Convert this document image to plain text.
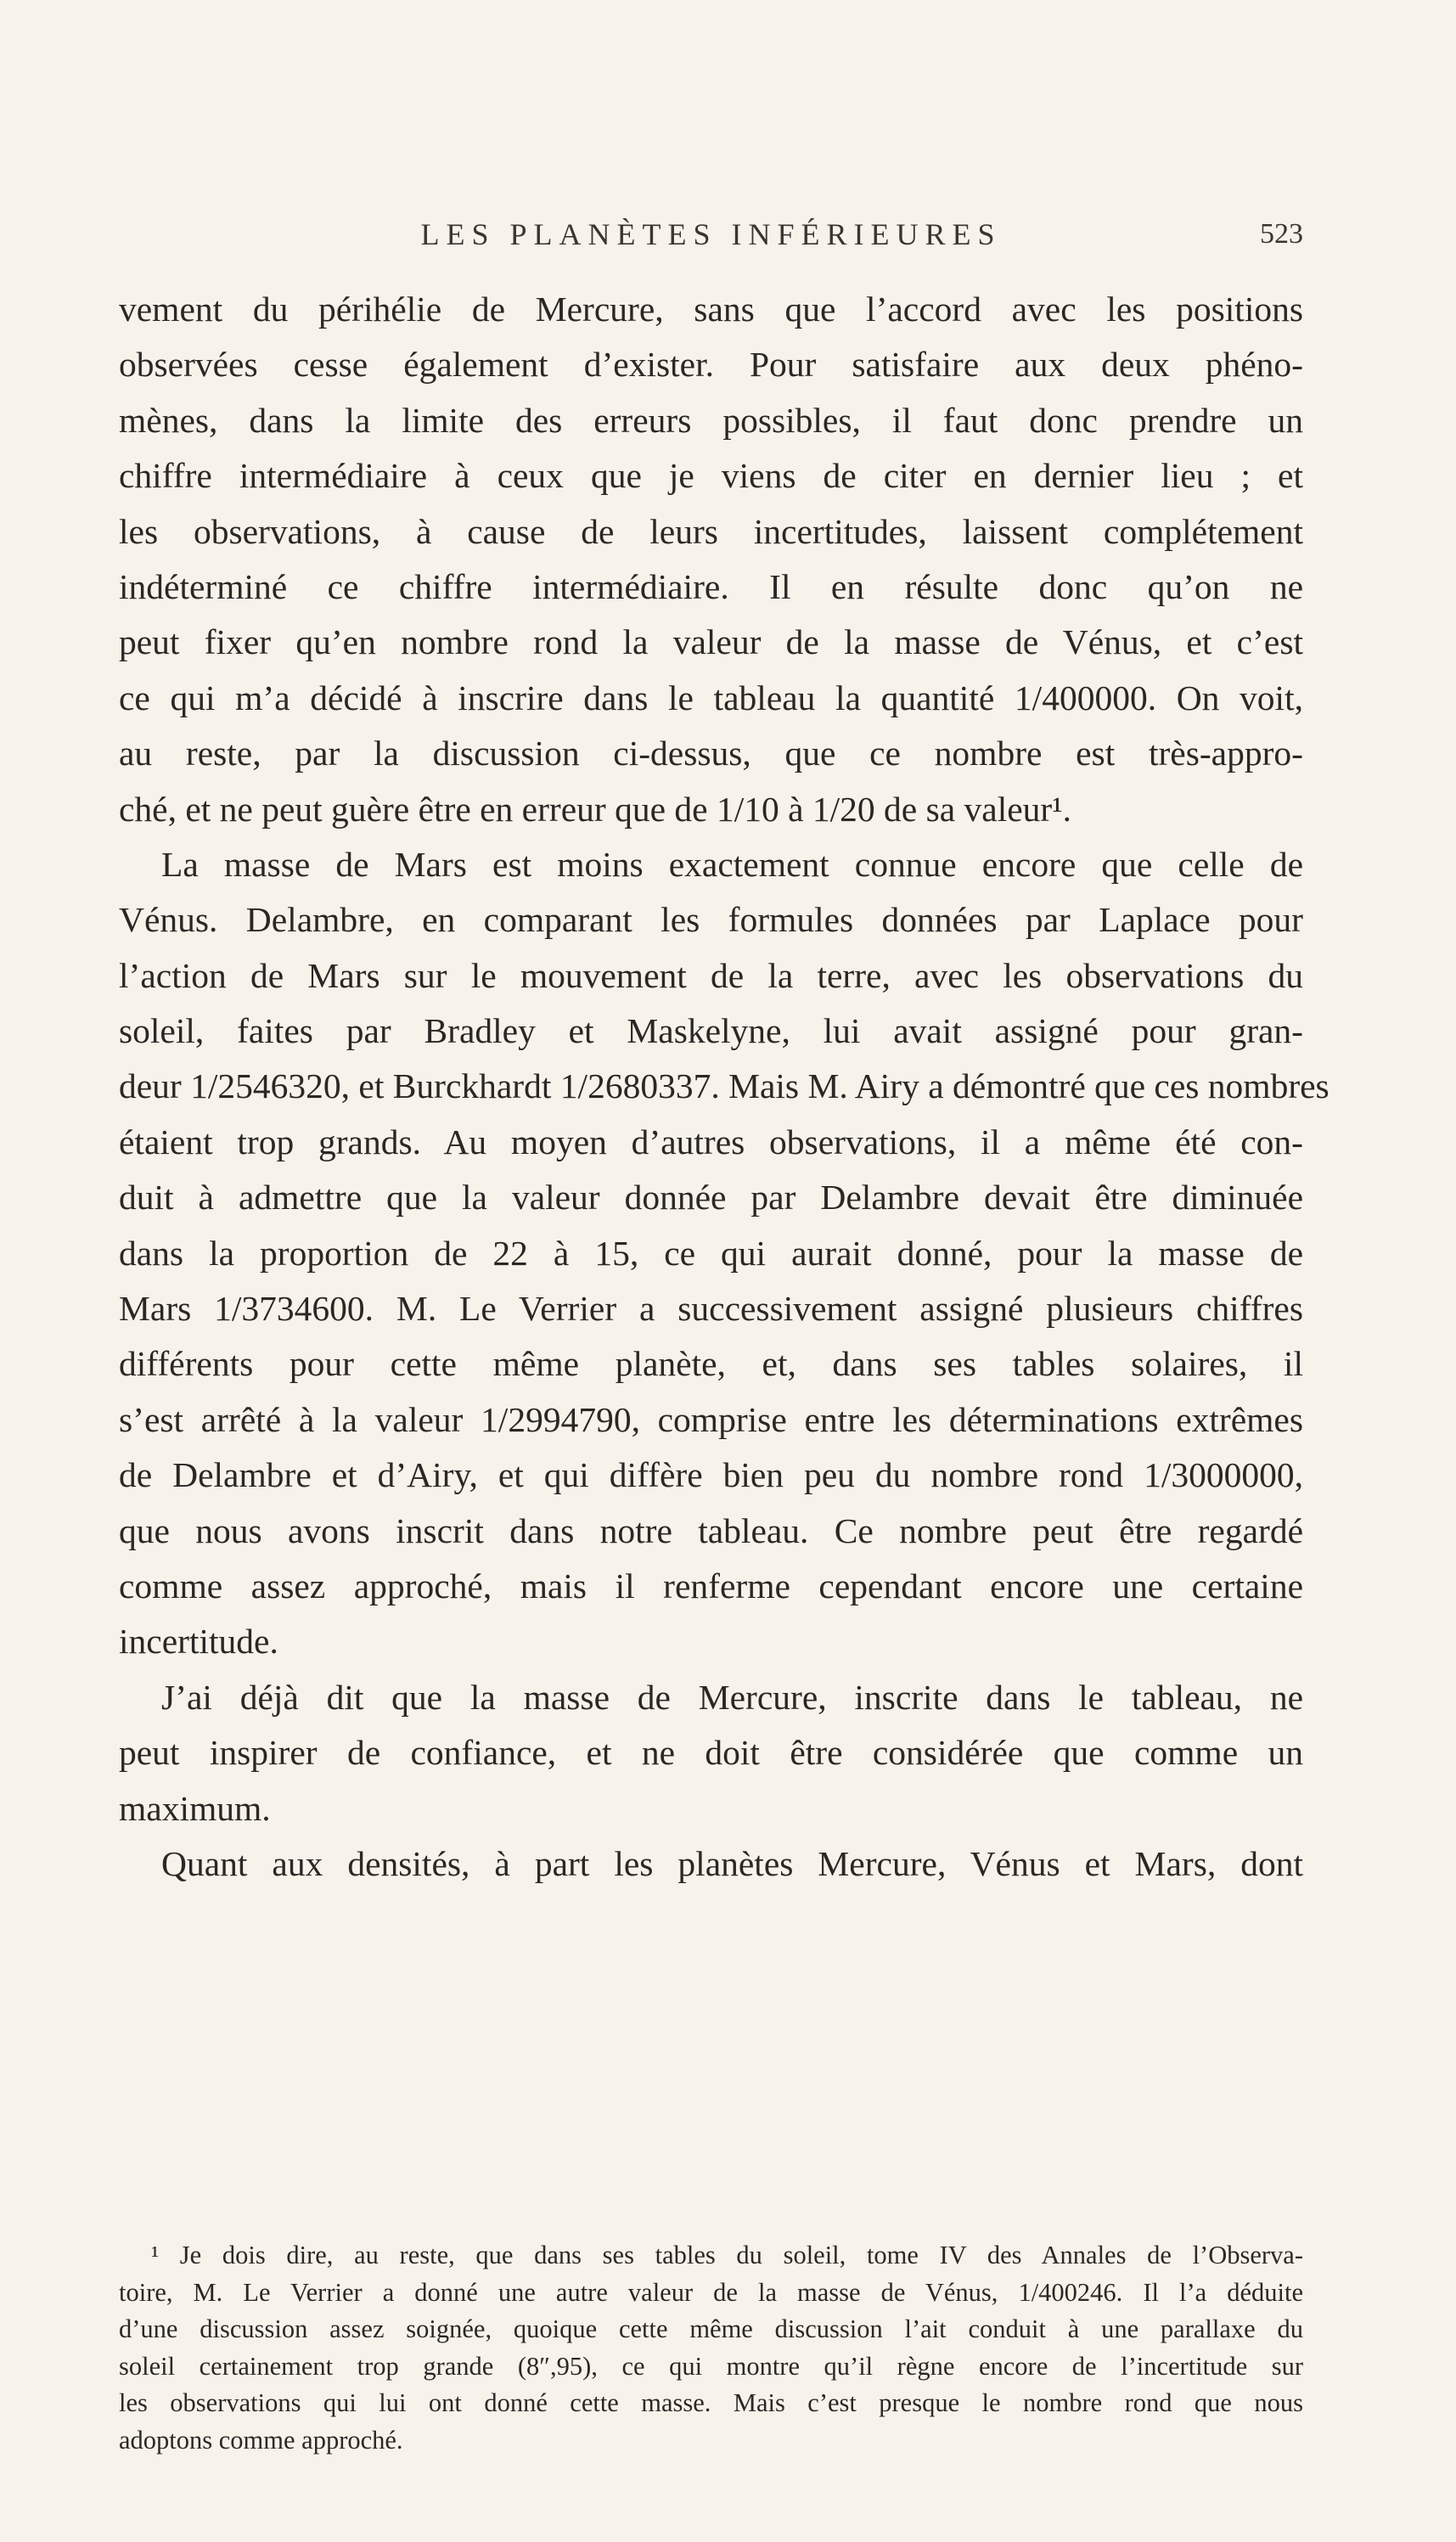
LES PLANÈTES INFÉRIEURES	523
vement du périhélie de Mercure, sans que l’accord avec les positions
observées cesse également d’exister. Pour satisfaire aux deux phéno-
mènes, dans la limite des erreurs possibles, il faut donc prendre un
chiffre intermédiaire à ceux que je viens de citer en dernier lieu ; et
les observations, à cause de leurs incertitudes, laissent complétement
indéterminé ce chiffre intermédiaire. Il en résulte donc qu’on ne
peut fixer qu’en nombre rond la valeur de la masse de Vénus, et c’est
ce qui m’a décidé à inscrire dans le tableau la quantité 1/400000. On voit,
au reste, par la discussion ci-dessus, que ce nombre est très-appro-
ché, et ne peut guère être en erreur que de 1/10 à 1/20 de sa valeur¹.
La masse de Mars est moins exactement connue encore que celle de
Vénus. Delambre, en comparant les formules données par Laplace pour
l’action de Mars sur le mouvement de la terre, avec les observations du
soleil, faites par Bradley et Maskelyne, lui avait assigné pour gran-
deur 1/2546320, et Burckhardt 1/2680337. Mais M. Airy a démontré que ces nombres
étaient trop grands. Au moyen d’autres observations, il a même été con-
duit à admettre que la valeur donnée par Delambre devait être diminuée
dans la proportion de 22 à 15, ce qui aurait donné, pour la masse de
Mars 1/3734600. M. Le Verrier a successivement assigné plusieurs chiffres
différents pour cette même planète, et, dans ses tables solaires, il
s’est arrêté à la valeur 1/2994790, comprise entre les déterminations extrêmes
de Delambre et d’Airy, et qui diffère bien peu du nombre rond 1/3000000,
que nous avons inscrit dans notre tableau. Ce nombre peut être regardé
comme assez approché, mais il renferme cependant encore une certaine
incertitude.
J’ai déjà dit que la masse de Mercure, inscrite dans le tableau, ne
peut inspirer de confiance, et ne doit être considérée que comme un
maximum.
Quant aux densités, à part les planètes Mercure, Vénus et Mars, dont
¹ Je dois dire, au reste, que dans ses tables du soleil, tome IV des Annales de l’Observa-
toire, M. Le Verrier a donné une autre valeur de la masse de Vénus, 1/400246. Il l’a déduite
d’une discussion assez soignée, quoique cette même discussion l’ait conduit à une parallaxe du
soleil certainement trop grande (8″,95), ce qui montre qu’il règne encore de l’incertitude sur
les observations qui lui ont donné cette masse. Mais c’est presque le nombre rond que nous
adoptons comme approché.
